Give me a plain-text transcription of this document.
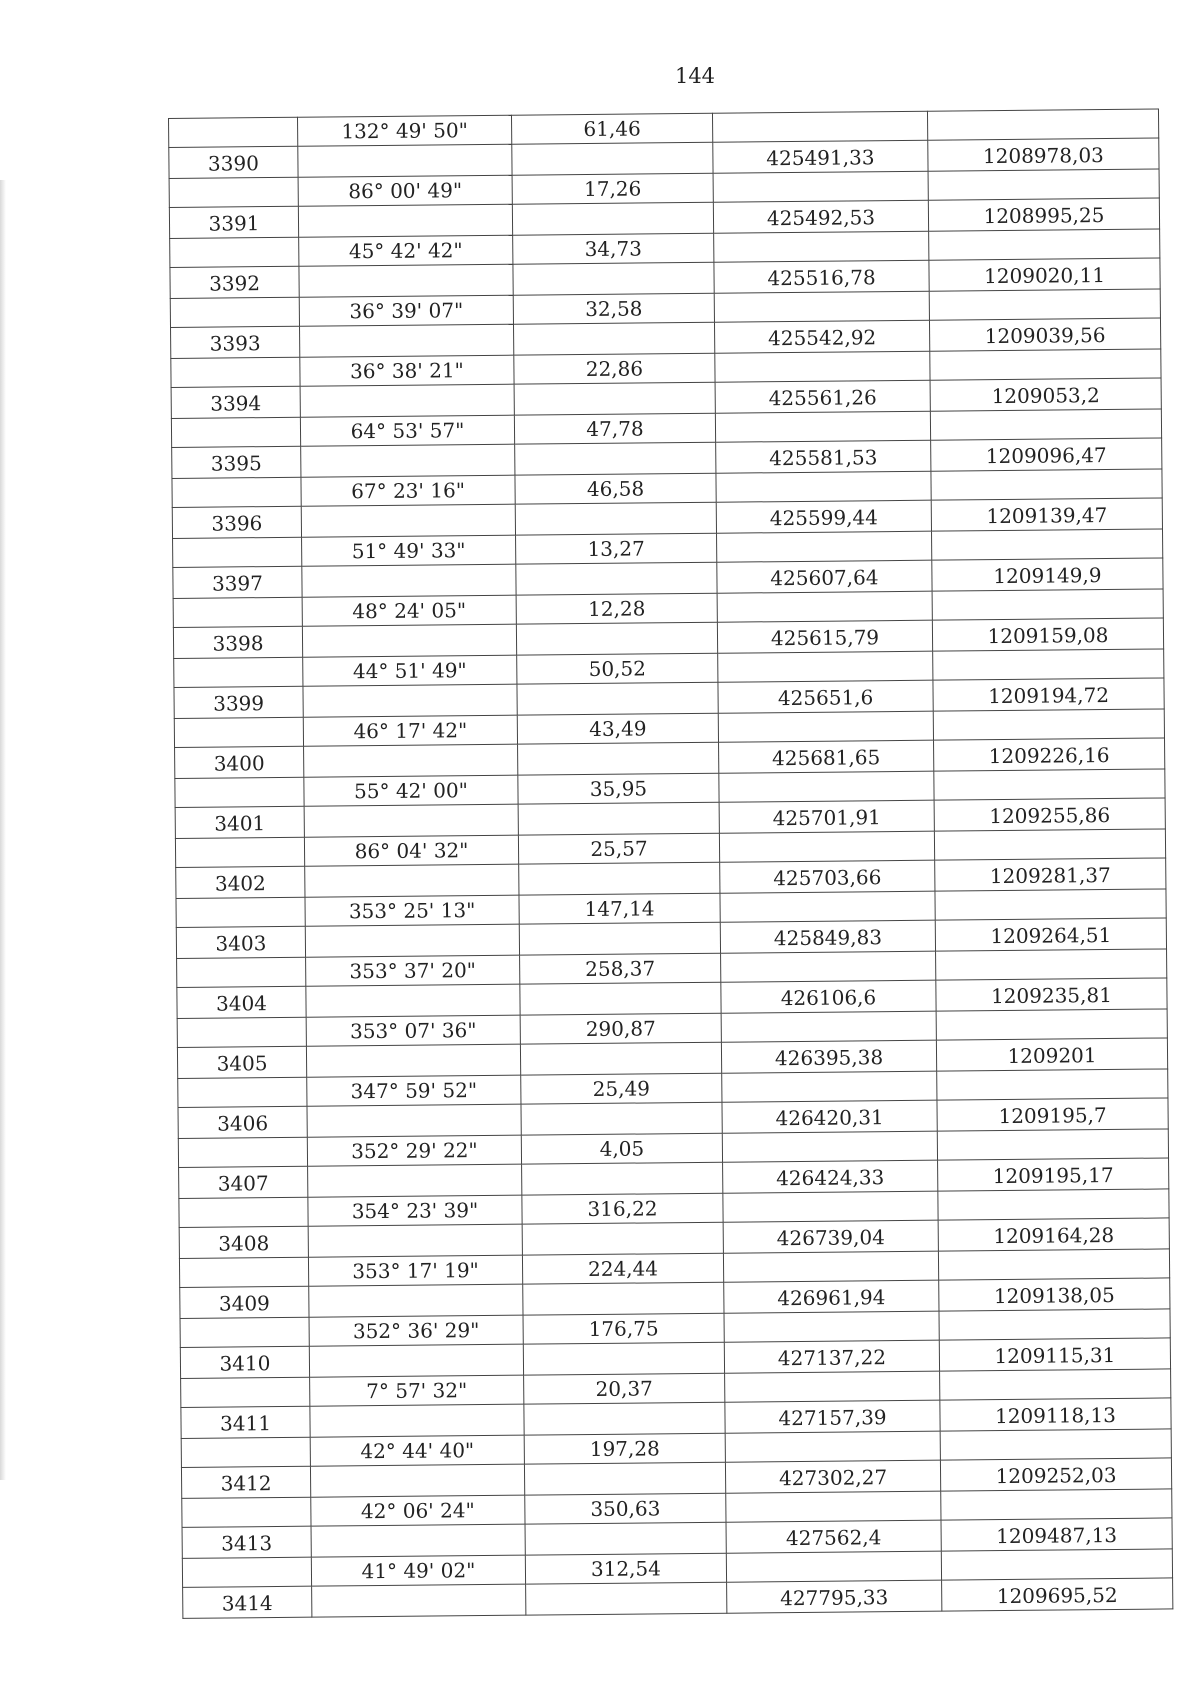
144
	132° 49' 50"	61,46		
3390			425491,33	1208978,03
	86° 00' 49"	17,26		
3391			425492,53	1208995,25
	45° 42' 42"	34,73		
3392			425516,78	1209020,11
	36° 39' 07"	32,58		
3393			425542,92	1209039,56
	36° 38' 21"	22,86		
3394			425561,26	1209053,2
	64° 53' 57"	47,78		
3395			425581,53	1209096,47
	67° 23' 16"	46,58		
3396			425599,44	1209139,47
	51° 49' 33"	13,27		
3397			425607,64	1209149,9
	48° 24' 05"	12,28		
3398			425615,79	1209159,08
	44° 51' 49"	50,52		
3399			425651,6	1209194,72
	46° 17' 42"	43,49		
3400			425681,65	1209226,16
	55° 42' 00"	35,95		
3401			425701,91	1209255,86
	86° 04' 32"	25,57		
3402			425703,66	1209281,37
	353° 25' 13"	147,14		
3403			425849,83	1209264,51
	353° 37' 20"	258,37		
3404			426106,6	1209235,81
	353° 07' 36"	290,87		
3405			426395,38	1209201
	347° 59' 52"	25,49		
3406			426420,31	1209195,7
	352° 29' 22"	4,05		
3407			426424,33	1209195,17
	354° 23' 39"	316,22		
3408			426739,04	1209164,28
	353° 17' 19"	224,44		
3409			426961,94	1209138,05
	352° 36' 29"	176,75		
3410			427137,22	1209115,31
	7° 57' 32"	20,37		
3411			427157,39	1209118,13
	42° 44' 40"	197,28		
3412			427302,27	1209252,03
	42° 06' 24"	350,63		
3413			427562,4	1209487,13
	41° 49' 02"	312,54		
3414			427795,33	1209695,52
